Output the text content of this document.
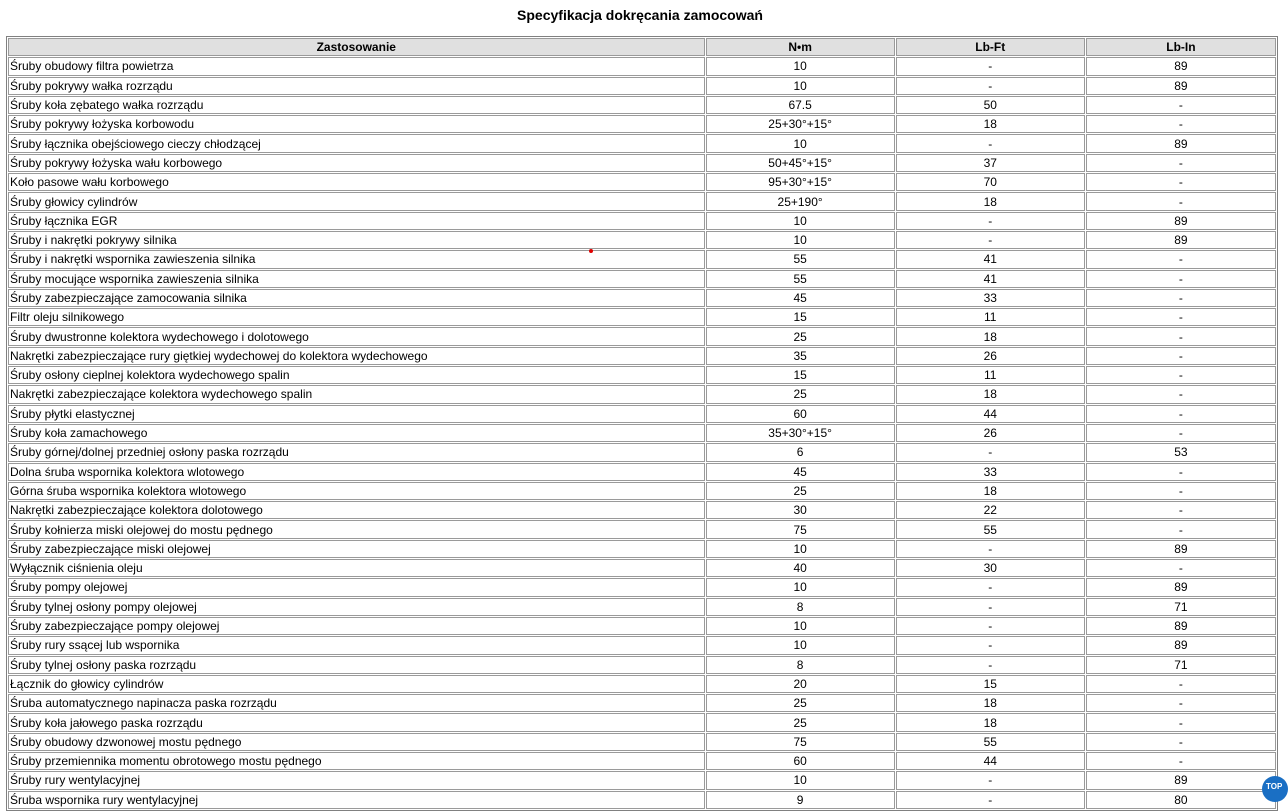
Specyfikacja dokręcania zamocowań
Zastosowanie	N•m	Lb-Ft	Lb-In
Śruby obudowy filtra powietrza	10	-	89
Śruby pokrywy wałka rozrządu	10	-	89
Śruby koła zębatego wałka rozrządu	67.5	50	-
Śruby pokrywy łożyska korbowodu	25+30°+15°	18	-
Śruby łącznika obejściowego cieczy chłodzącej	10	-	89
Śruby pokrywy łożyska wału korbowego	50+45°+15°	37	-
Koło pasowe wału korbowego	95+30°+15°	70	-
Śruby głowicy cylindrów	25+190°	18	-
Śruby łącznika EGR	10	-	89
Śruby i nakrętki pokrywy silnika	10	-	89
Śruby i nakrętki wspornika zawieszenia silnika	55	41	-
Śruby mocujące wspornika zawieszenia silnika	55	41	-
Śruby zabezpieczające zamocowania silnika	45	33	-
Filtr oleju silnikowego	15	11	-
Śruby dwustronne kolektora wydechowego i dolotowego	25	18	-
Nakrętki zabezpieczające rury giętkiej wydechowej do kolektora wydechowego	35	26	-
Śruby osłony cieplnej kolektora wydechowego spalin	15	11	-
Nakrętki zabezpieczające kolektora wydechowego spalin	25	18	-
Śruby płytki elastycznej	60	44	-
Śruby koła zamachowego	35+30°+15°	26	-
Śruby górnej/dolnej przedniej osłony paska rozrządu	6	-	53
Dolna śruba wspornika kolektora wlotowego	45	33	-
Górna śruba wspornika kolektora wlotowego	25	18	-
Nakrętki zabezpieczające kolektora dolotowego	30	22	-
Śruby kołnierza miski olejowej do mostu pędnego	75	55	-
Śruby zabezpieczające miski olejowej	10	-	89
Wyłącznik ciśnienia oleju	40	30	-
Śruby pompy olejowej	10	-	89
Śruby tylnej osłony pompy olejowej	8	-	71
Śruby zabezpieczające pompy olejowej	10	-	89
Śruby rury ssącej lub wspornika	10	-	89
Śruby tylnej osłony paska rozrządu	8	-	71
Łącznik do głowicy cylindrów	20	15	-
Śruba automatycznego napinacza paska rozrządu	25	18	-
Śruby koła jałowego paska rozrządu	25	18	-
Śruby obudowy dzwonowej mostu pędnego	75	55	-
Śruby przemiennika momentu obrotowego mostu pędnego	60	44	-
Śruby rury wentylacyjnej	10	-	89
Śruba wspornika rury wentylacyjnej	9	-	80
TOP
